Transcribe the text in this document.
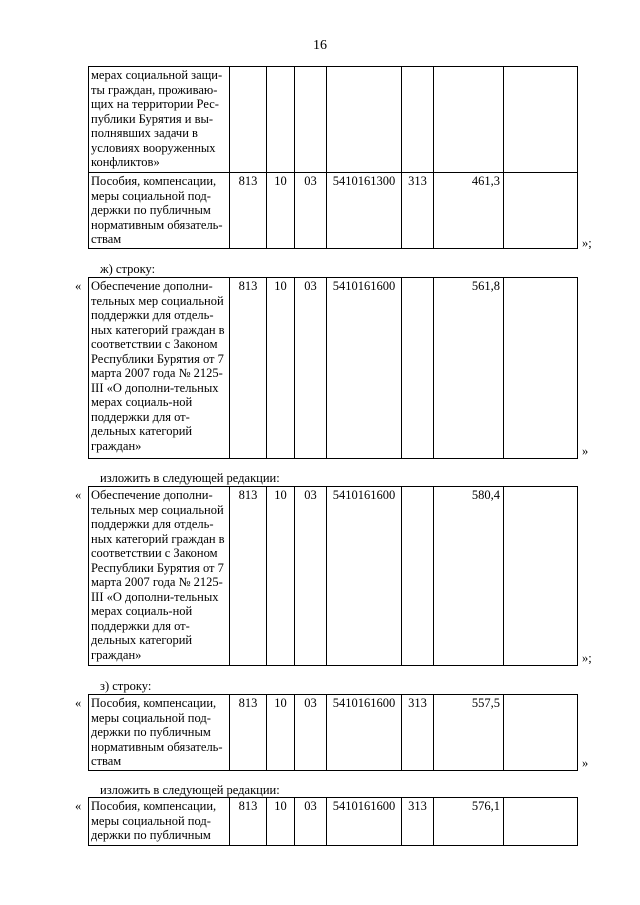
16
мерах социальной защи-ты граждан, проживаю-щих на территории Рес-публики Бурятия и вы-полнявших задачи в условиях вооруженных конфликтов»							
Пособия, компенсации, меры социальной под-держки по публичным нормативным обязатель-ствам	813	10	03	5410161300	313	461,3	
»;
ж) строку:
« Обеспечение дополни-тельных мер социальной поддержки для отдель-ных категорий граждан в соответствии с Законом Республики Бурятия от 7 марта 2007 года № 2125-III «О дополни-тельных мерах социаль-ной поддержки для от-дельных категорий граждан»	813	10	03	5410161600		561,8	
»
изложить в следующей редакции:
« Обеспечение дополни-тельных мер социальной поддержки для отдель-ных категорий граждан в соответствии с Законом Республики Бурятия от 7 марта 2007 года № 2125-III «О дополни-тельных мерах социаль-ной поддержки для от-дельных категорий граждан»	813	10	03	5410161600		580,4	
»;
з) строку:
« Пособия, компенсации, меры социальной под-держки по публичным нормативным обязатель-ствам	813	10	03	5410161600	313	557,5	
»
изложить в следующей редакции:
« Пособия, компенсации, меры социальной под-держки по публичным	813	10	03	5410161600	313	576,1	
